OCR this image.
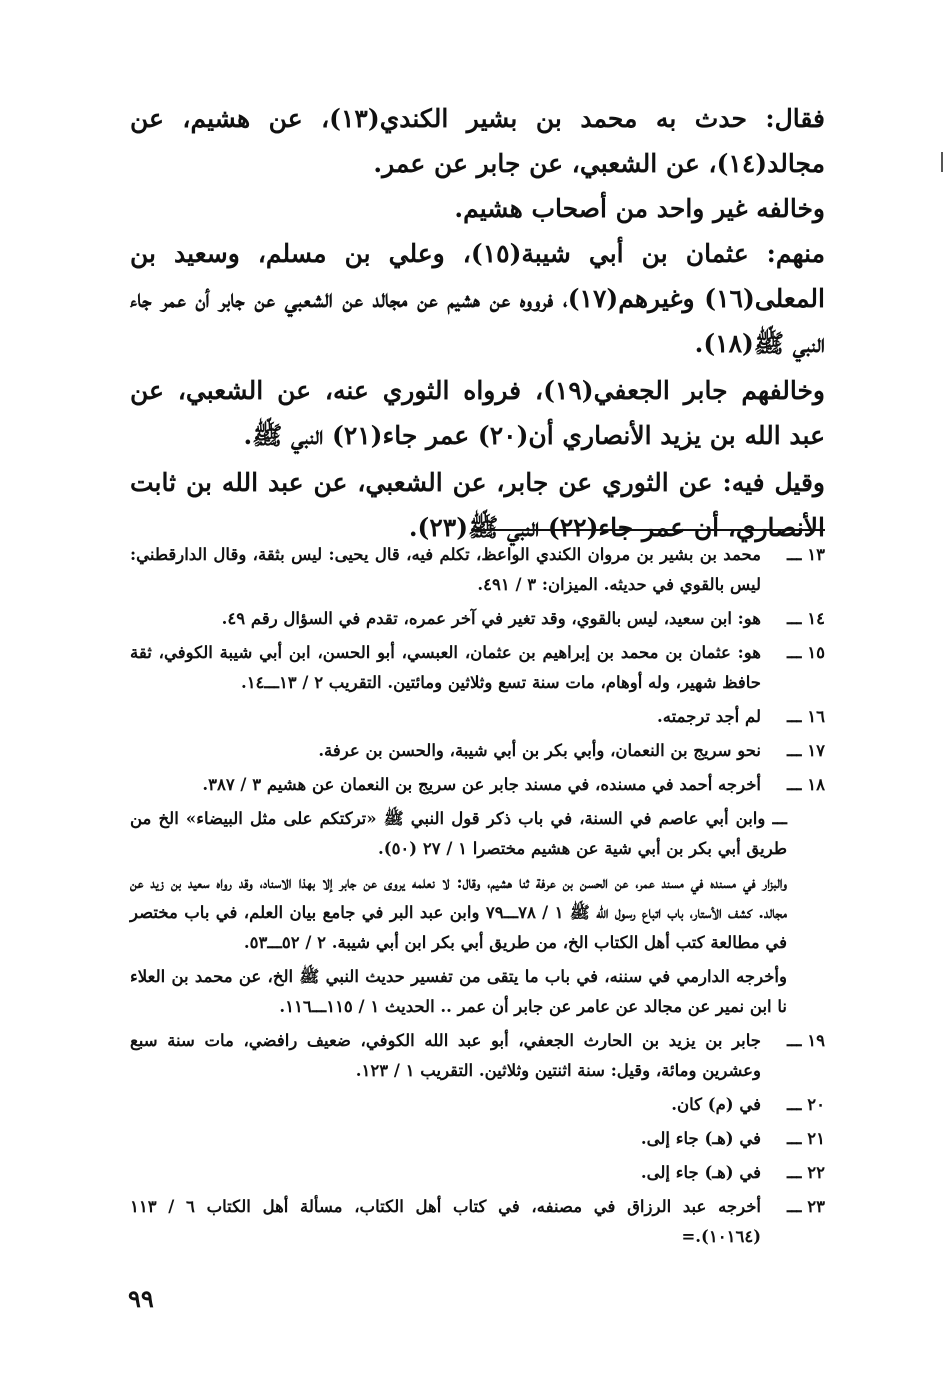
فقال: حدث به محمد بن بشير الكندي(١٣)، عن هشيم، عن مجالد(١٤)، عن الشعبي، عن جابر عن عمر.

وخالفه غير واحد من أصحاب هشيم.

منهم: عثمان بن أبي شيبة(١٥)، وعلي بن مسلم، وسعيد بن المعلى(١٦) وغيرهم(١٧)، فرووه عن هشيم عن مجالد عن الشعبي عن جابر أن عمر جاء النبي ﷺ(١٨).

وخالفهم جابر الجعفي(١٩)، فرواه الثوري عنه، عن الشعبي، عن عبد الله بن يزيد الأنصاري أن(٢٠) عمر جاء(٢١) النبي ﷺ.

وقيل فيه: عن الثوري عن جابر، عن الشعبي، عن عبد الله بن ثابت الأنصاري، أن عمر جاء(٢٢) النبي ﷺ(٢٣).

١٣ ـــمحمد بن بشير بن مروان الكندي الواعظ، تكلم فيه، قال يحيى: ليس بثقة، وقال الدارقطني: ليس بالقوي في حديثه. الميزان: ٣ / ٤٩١.
١٤ ـــهو: ابن سعيد، ليس بالقوي، وقد تغير في آخر عمره، تقدم في السؤال رقم ٤٩.
١٥ ـــهو: عثمان بن محمد بن إبراهيم بن عثمان، العبسي، أبو الحسن، ابن أبي شيبة الكوفي، ثقة حافظ شهير، وله أوهام، مات سنة تسع وثلاثين ومائتين. التقريب ٢ / ١٣ـــ١٤.
١٦ ـــلم أجد ترجمته.
١٧ ـــنحو سريج بن النعمان، وأبي بكر بن أبي شيبة، والحسن بن عرفة.
١٨ ـــأخرجه أحمد في مسنده، في مسند جابر عن سريج بن النعمان عن هشيم ٣ / ٣٨٧.
ـــ وابن أبي عاصم في السنة، في باب ذكر قول النبي ﷺ «تركتكم على مثل البيضاء» الخ من طريق أبي بكر بن أبي شية عن هشيم مختصرا ١ / ٢٧ (٥٠).
والبزار في مسنده في مسند عمر، عن الحسن بن عرفة ثنا هشيم، وقال: لا نعلمه يروى عن جابر إلا بهذا الاسناد، وقد رواه سعيد بن زيد عن مجالد. كشف الأستار، باب اتباع رسول الله ﷺ ١ / ٧٨ـــ٧٩ وابن عبد البر في جامع بيان العلم، في باب مختصر في مطالعة كتب أهل الكتاب الخ، من طريق أبي بكر ابن أبي شيبة. ٢ / ٥٢ـــ٥٣.
وأخرجه الدارمي في سننه، في باب ما يتقى من تفسير حديث النبي ﷺ الخ، عن محمد بن العلاء نا ابن نمير عن مجالد عن عامر عن جابر أن عمر .. الحديث ١ / ١١٥ـــ١١٦.
١٩ ـــجابر بن يزيد بن الحارث الجعفي، أبو عبد الله الكوفي، ضعيف رافضي، مات سنة سبع وعشرين ومائة، وقيل: سنة اثنتين وثلاثين. التقريب ١ / ١٢٣.
٢٠ ـــفي (م) كان.
٢١ ـــفي (هـ) جاء إلى.
٢٢ ـــفي (هـ) جاء إلى.
٢٣ ـــأخرجه عبد الرزاق في مصنفه، في كتاب أهل الكتاب، مسألة أهل الكتاب ٦ / ١١٣ (١٠١٦٤).=
٩٩
